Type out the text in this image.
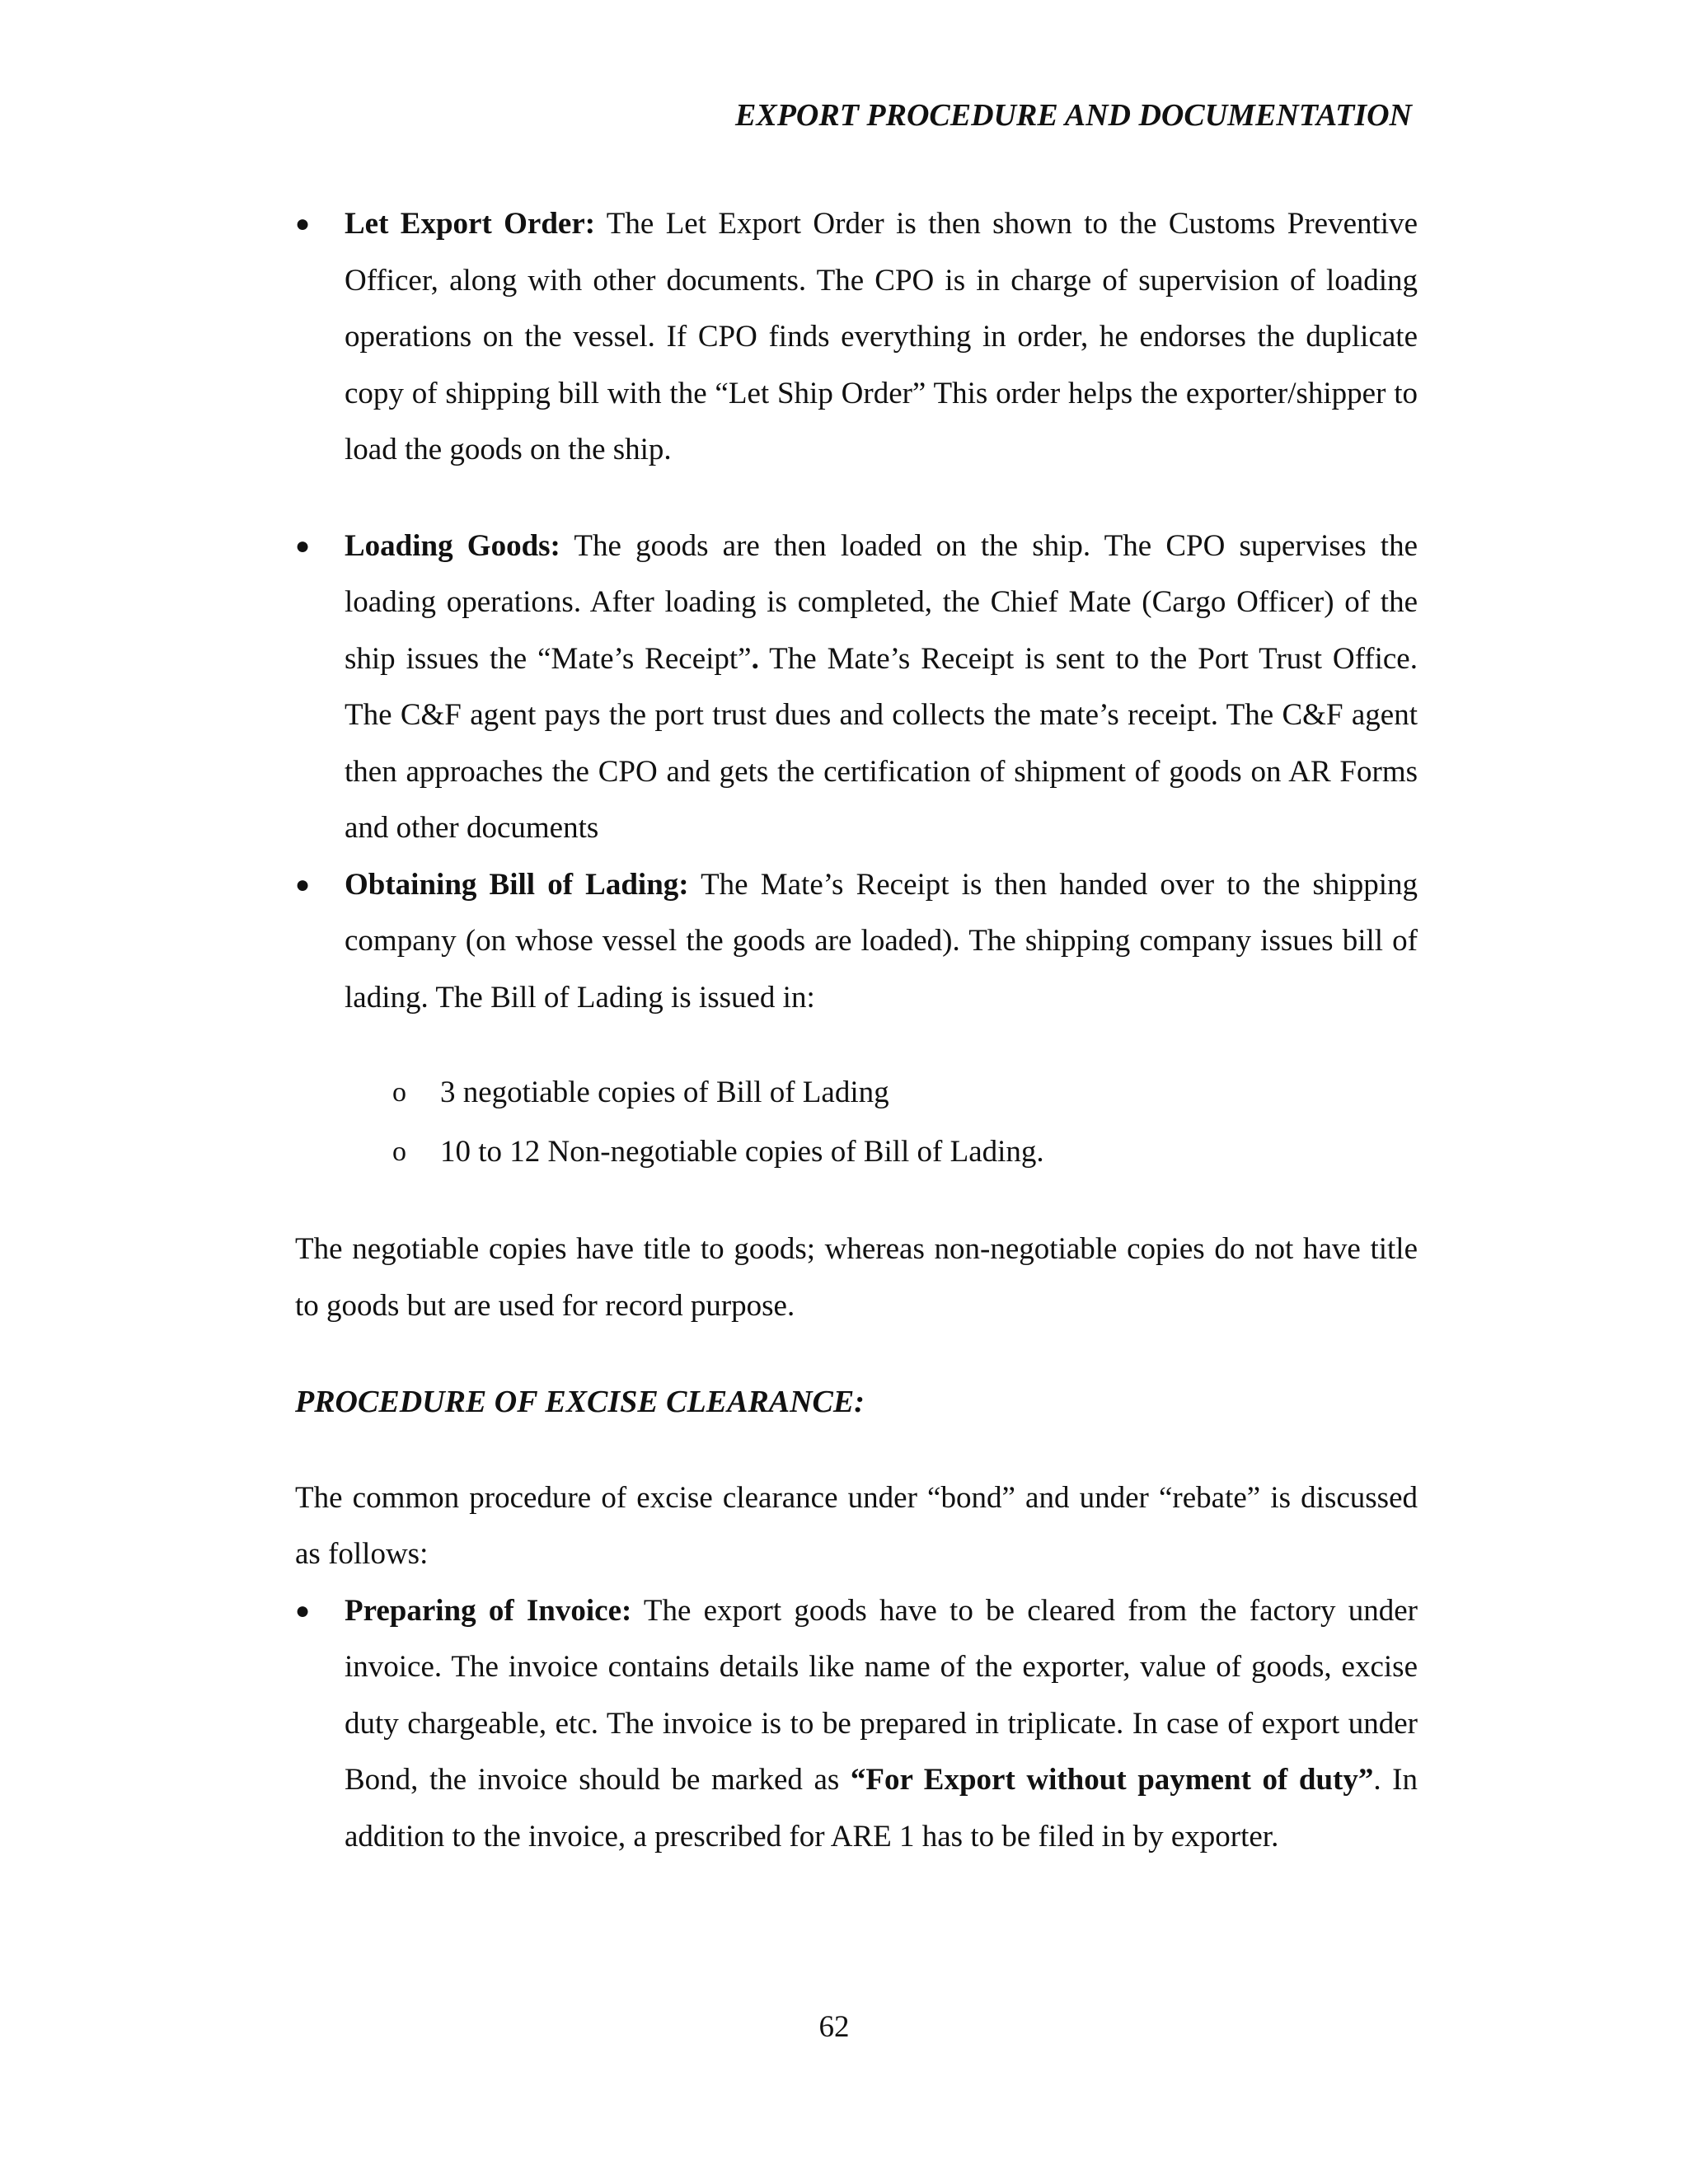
EXPORT PROCEDURE AND DOCUMENTATION
● Let Export Order: The Let Export Order is then shown to the Customs Preventive Officer, along with other documents. The CPO is in charge of supervision of loading operations on the vessel. If CPO finds everything in order, he endorses the duplicate copy of shipping bill with the “Let Ship Order” This order helps the exporter/shipper to load the goods on the ship.
● Loading Goods: The goods are then loaded on the ship. The CPO supervises the loading operations. After loading is completed, the Chief Mate (Cargo Officer) of the ship issues the “Mate’s Receipt”. The Mate’s Receipt is sent to the Port Trust Office. The C&F agent pays the port trust dues and collects the mate’s receipt. The C&F agent then approaches the CPO and gets the certification of shipment of goods on AR Forms and other documents
● Obtaining Bill of Lading: The Mate’s Receipt is then handed over to the shipping company (on whose vessel the goods are loaded). The shipping company issues bill of lading. The Bill of Lading is issued in:
o 3 negotiable copies of Bill of Lading
o 10 to 12 Non-negotiable copies of Bill of Lading.

The negotiable copies have title to goods; whereas non-negotiable copies do not have title to goods but are used for record purpose.

PROCEDURE OF EXCISE CLEARANCE:

The common procedure of excise clearance under “bond” and under “rebate” is discussed as follows:

● Preparing of Invoice: The export goods have to be cleared from the factory under invoice. The invoice contains details like name of the exporter, value of goods, excise duty chargeable, etc. The invoice is to be prepared in triplicate. In case of export under Bond, the invoice should be marked as “For Export without payment of duty”. In addition to the invoice, a prescribed for ARE 1 has to be filed in by exporter.
62
